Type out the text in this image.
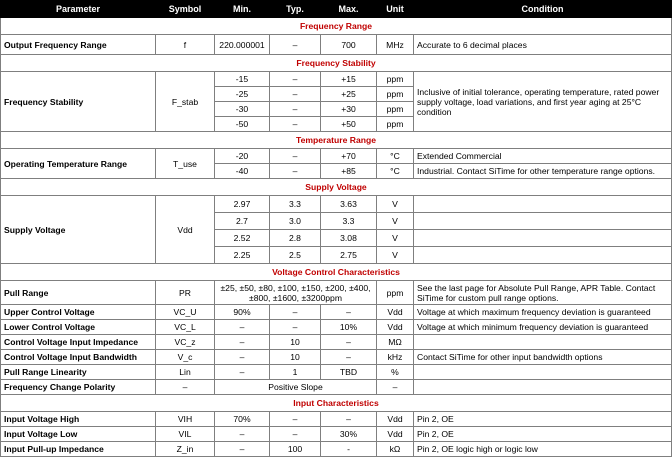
Parameter	Symbol	Min.	Typ.	Max.	Unit	Condition
Frequency Range						
Output Frequency Range	f	220.000001	–	700	MHz	Accurate to 6 decimal places
Frequency Stability						
Frequency Stability	F_stab	-15	–	+15	ppm	Inclusive of initial tolerance, operating temperature, rated power supply voltage, load variations, and first year aging at 25°C condition
		-25	–	+25	ppm	
		-30	–	+30	ppm	
		-50	–	+50	ppm	
Temperature Range						
Operating Temperature Range	T_use	-20	–	+70	°C	Extended Commercial
		-40	–	+85	°C	Industrial. Contact SiTime for other temperature range options.
Supply Voltage						
Supply Voltage	Vdd	2.97	3.3	3.63	V	
		2.7	3.0	3.3	V	
		2.52	2.8	3.08	V	
		2.25	2.5	2.75	V	
Voltage Control Characteristics						
Pull Range	PR	±25, ±50, ±80, ±100, ±150, ±200, ±400, ±800, ±1600, ±3200ppm			ppm	See the last page for Absolute Pull Range, APR Table. Contact SiTime for custom pull range options.
Upper Control Voltage	VC_U	90%	–	–	Vdd	Voltage at which maximum frequency deviation is guaranteed
Lower Control Voltage	VC_L	–	–	10%	Vdd	Voltage at which minimum frequency deviation is guaranteed
Control Voltage Input Impedance	VC_z	–	10	–	MΩ	
Control Voltage Input Bandwidth	V_c	–	10	–	kHz	Contact SiTime for other input bandwidth options
Pull Range Linearity	Lin	–	1	TBD	%	
Frequency Change Polarity	–	Positive Slope			–	
Input Characteristics						
Input Voltage High	VIH	70%	–	–	Vdd	Pin 2, OE
Input Voltage Low	VIL	–	–	30%	Vdd	Pin 2, OE
Input Pull-up Impedance	Z_in	–	100	-	kΩ	Pin 2, OE logic high or logic low
